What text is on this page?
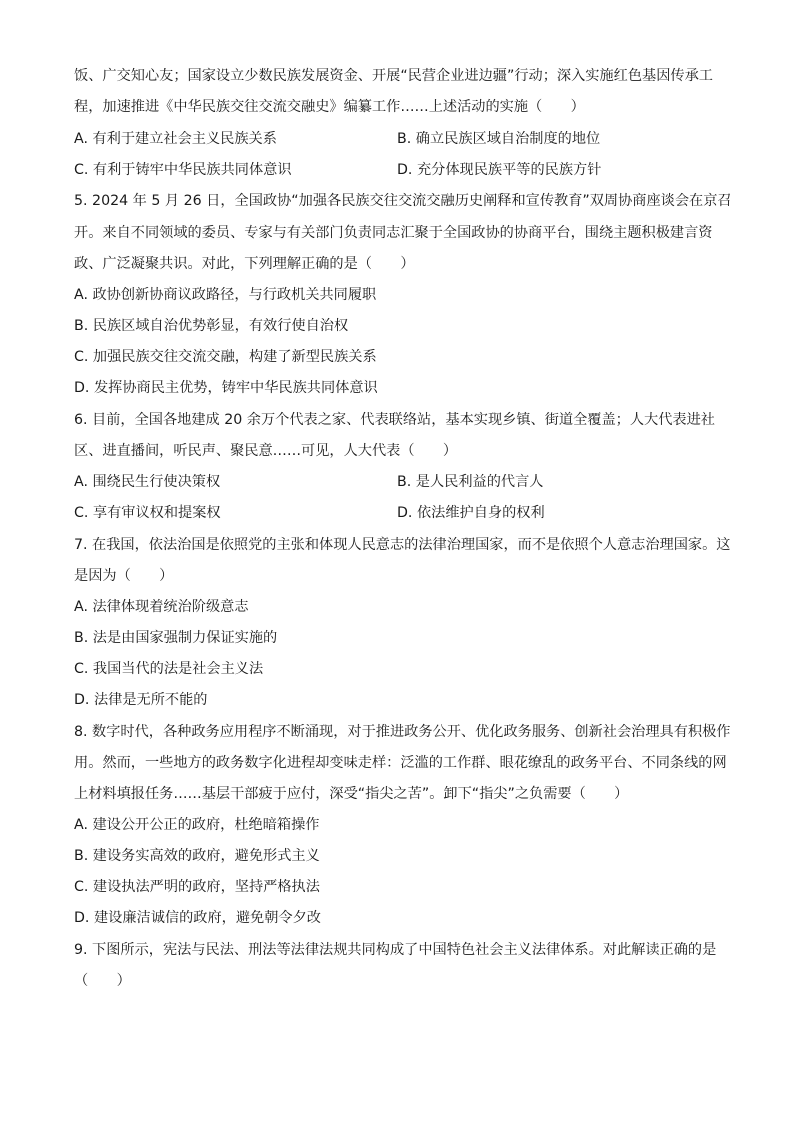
饭、广交知心友；国家设立少数民族发展资金、开展“民营企业进边疆”行动；深入实施红色基因传承工
程，加速推进《中华民族交往交流交融史》编纂工作……上述活动的实施（　　）
A. 有利于建立社会主义民族关系	B. 确立民族区域自治制度的地位
C. 有利于铸牢中华民族共同体意识	D. 充分体现民族平等的民族方针
5. 2024 年 5 月 26 日，全国政协“加强各民族交往交流交融历史阐释和宣传教育”双周协商座谈会在京召
开。来自不同领域的委员、专家与有关部门负责同志汇聚于全国政协的协商平台，围绕主题积极建言资
政、广泛凝聚共识。对此，下列理解正确的是（　　）
A. 政协创新协商议政路径，与行政机关共同履职
B. 民族区域自治优势彰显，有效行使自治权
C. 加强民族交往交流交融，构建了新型民族关系
D. 发挥协商民主优势，铸牢中华民族共同体意识
6. 目前，全国各地建成 20 余万个代表之家、代表联络站，基本实现乡镇、街道全覆盖；人大代表进社
区、进直播间，听民声、聚民意……可见，人大代表（　　）
A. 围绕民生行使决策权	B. 是人民利益的代言人
C. 享有审议权和提案权	D. 依法维护自身的权利
7. 在我国，依法治国是依照党的主张和体现人民意志的法律治理国家，而不是依照个人意志治理国家。这
是因为（　　）
A. 法律体现着统治阶级意志
B. 法是由国家强制力保证实施的
C. 我国当代的法是社会主义法
D. 法律是无所不能的
8. 数字时代，各种政务应用程序不断涌现，对于推进政务公开、优化政务服务、创新社会治理具有积极作
用。然而，一些地方的政务数字化进程却变味走样：泛滥的工作群、眼花缭乱的政务平台、不同条线的网
上材料填报任务……基层干部疲于应付，深受“指尖之苦”。卸下“指尖”之负需要（　　）
A. 建设公开公正的政府，杜绝暗箱操作
B. 建设务实高效的政府，避免形式主义
C. 建设执法严明的政府，坚持严格执法
D. 建设廉洁诚信的政府，避免朝令夕改
9. 下图所示，宪法与民法、刑法等法律法规共同构成了中国特色社会主义法律体系。对此解读正确的是
（　　）
